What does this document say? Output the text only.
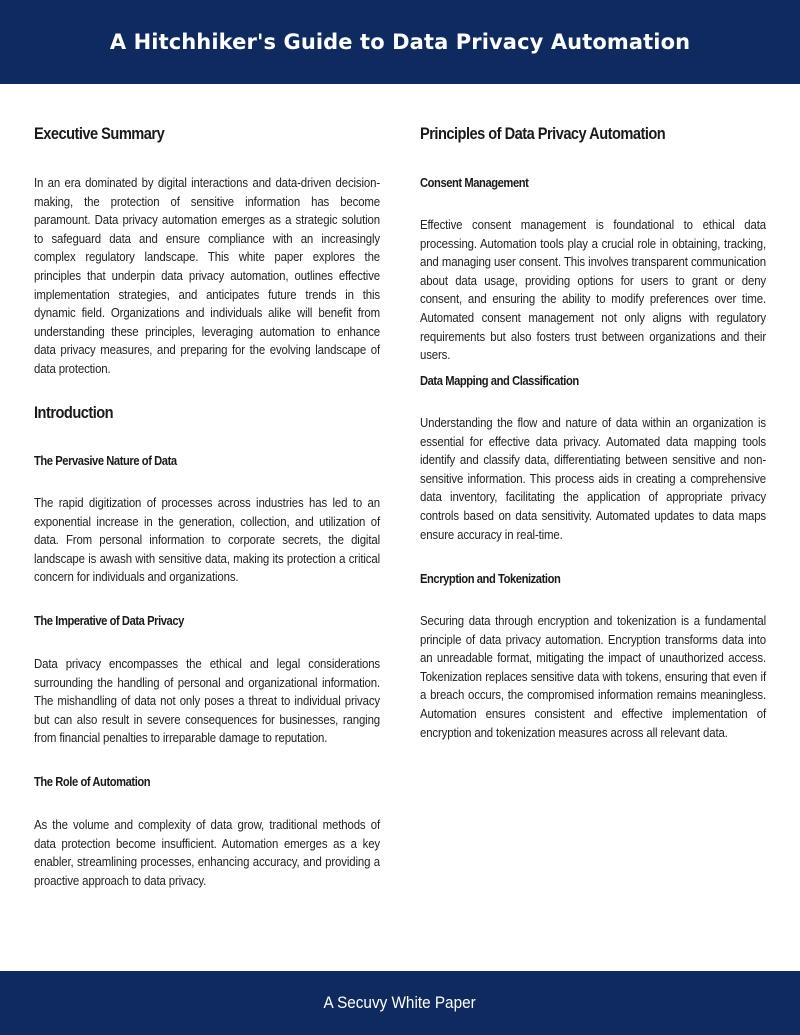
A Hitchhiker's Guide to Data Privacy Automation
Executive Summary

In an era dominated by digital interactions and data-driven decision-making, the protection of sensitive information has become paramount. Data privacy automation emerges as a strategic solution to safeguard data and ensure compliance with an increasingly complex regulatory landscape. This white paper explores the principles that underpin data privacy automation, outlines effective implementation strategies, and anticipates future trends in this dynamic field. Organizations and individuals alike will benefit from understanding these principles, leveraging automation to enhance data privacy measures, and preparing for the evolving landscape of data protection.

Introduction
The Pervasive Nature of Data

The rapid digitization of processes across industries has led to an exponential increase in the generation, collection, and utilization of data. From personal information to corporate secrets, the digital landscape is awash with sensitive data, making its protection a critical concern for individuals and organizations.

The Imperative of Data Privacy

Data privacy encompasses the ethical and legal considerations surrounding the handling of personal and organizational information. The mishandling of data not only poses a threat to individual privacy but can also result in severe consequences for businesses, ranging from financial penalties to irreparable damage to reputation.

The Role of Automation

As the volume and complexity of data grow, traditional methods of data protection become insufficient. Automation emerges as a key enabler, streamlining processes, enhancing accuracy, and providing a proactive approach to data privacy.

Principles of Data Privacy Automation
Consent Management

Effective consent management is foundational to ethical data processing. Automation tools play a crucial role in obtaining, tracking, and managing user consent. This involves transparent communication about data usage, providing options for users to grant or deny consent, and ensuring the ability to modify preferences over time. Automated consent management not only aligns with regulatory requirements but also fosters trust between organizations and their users.

Data Mapping and Classification

Understanding the flow and nature of data within an organization is essential for effective data privacy. Automated data mapping tools identify and classify data, differentiating between sensitive and non-sensitive information. This process aids in creating a comprehensive data inventory, facilitating the application of appropriate privacy controls based on data sensitivity. Automated updates to data maps ensure accuracy in real-time.

Encryption and Tokenization

Securing data through encryption and tokenization is a fundamental principle of data privacy automation. Encryption transforms data into an unreadable format, mitigating the impact of unauthorized access. Tokenization replaces sensitive data with tokens, ensuring that even if a breach occurs, the compromised information remains meaningless. Automation ensures consistent and effective implementation of encryption and tokenization measures across all relevant data.

A Secuvy White Paper
